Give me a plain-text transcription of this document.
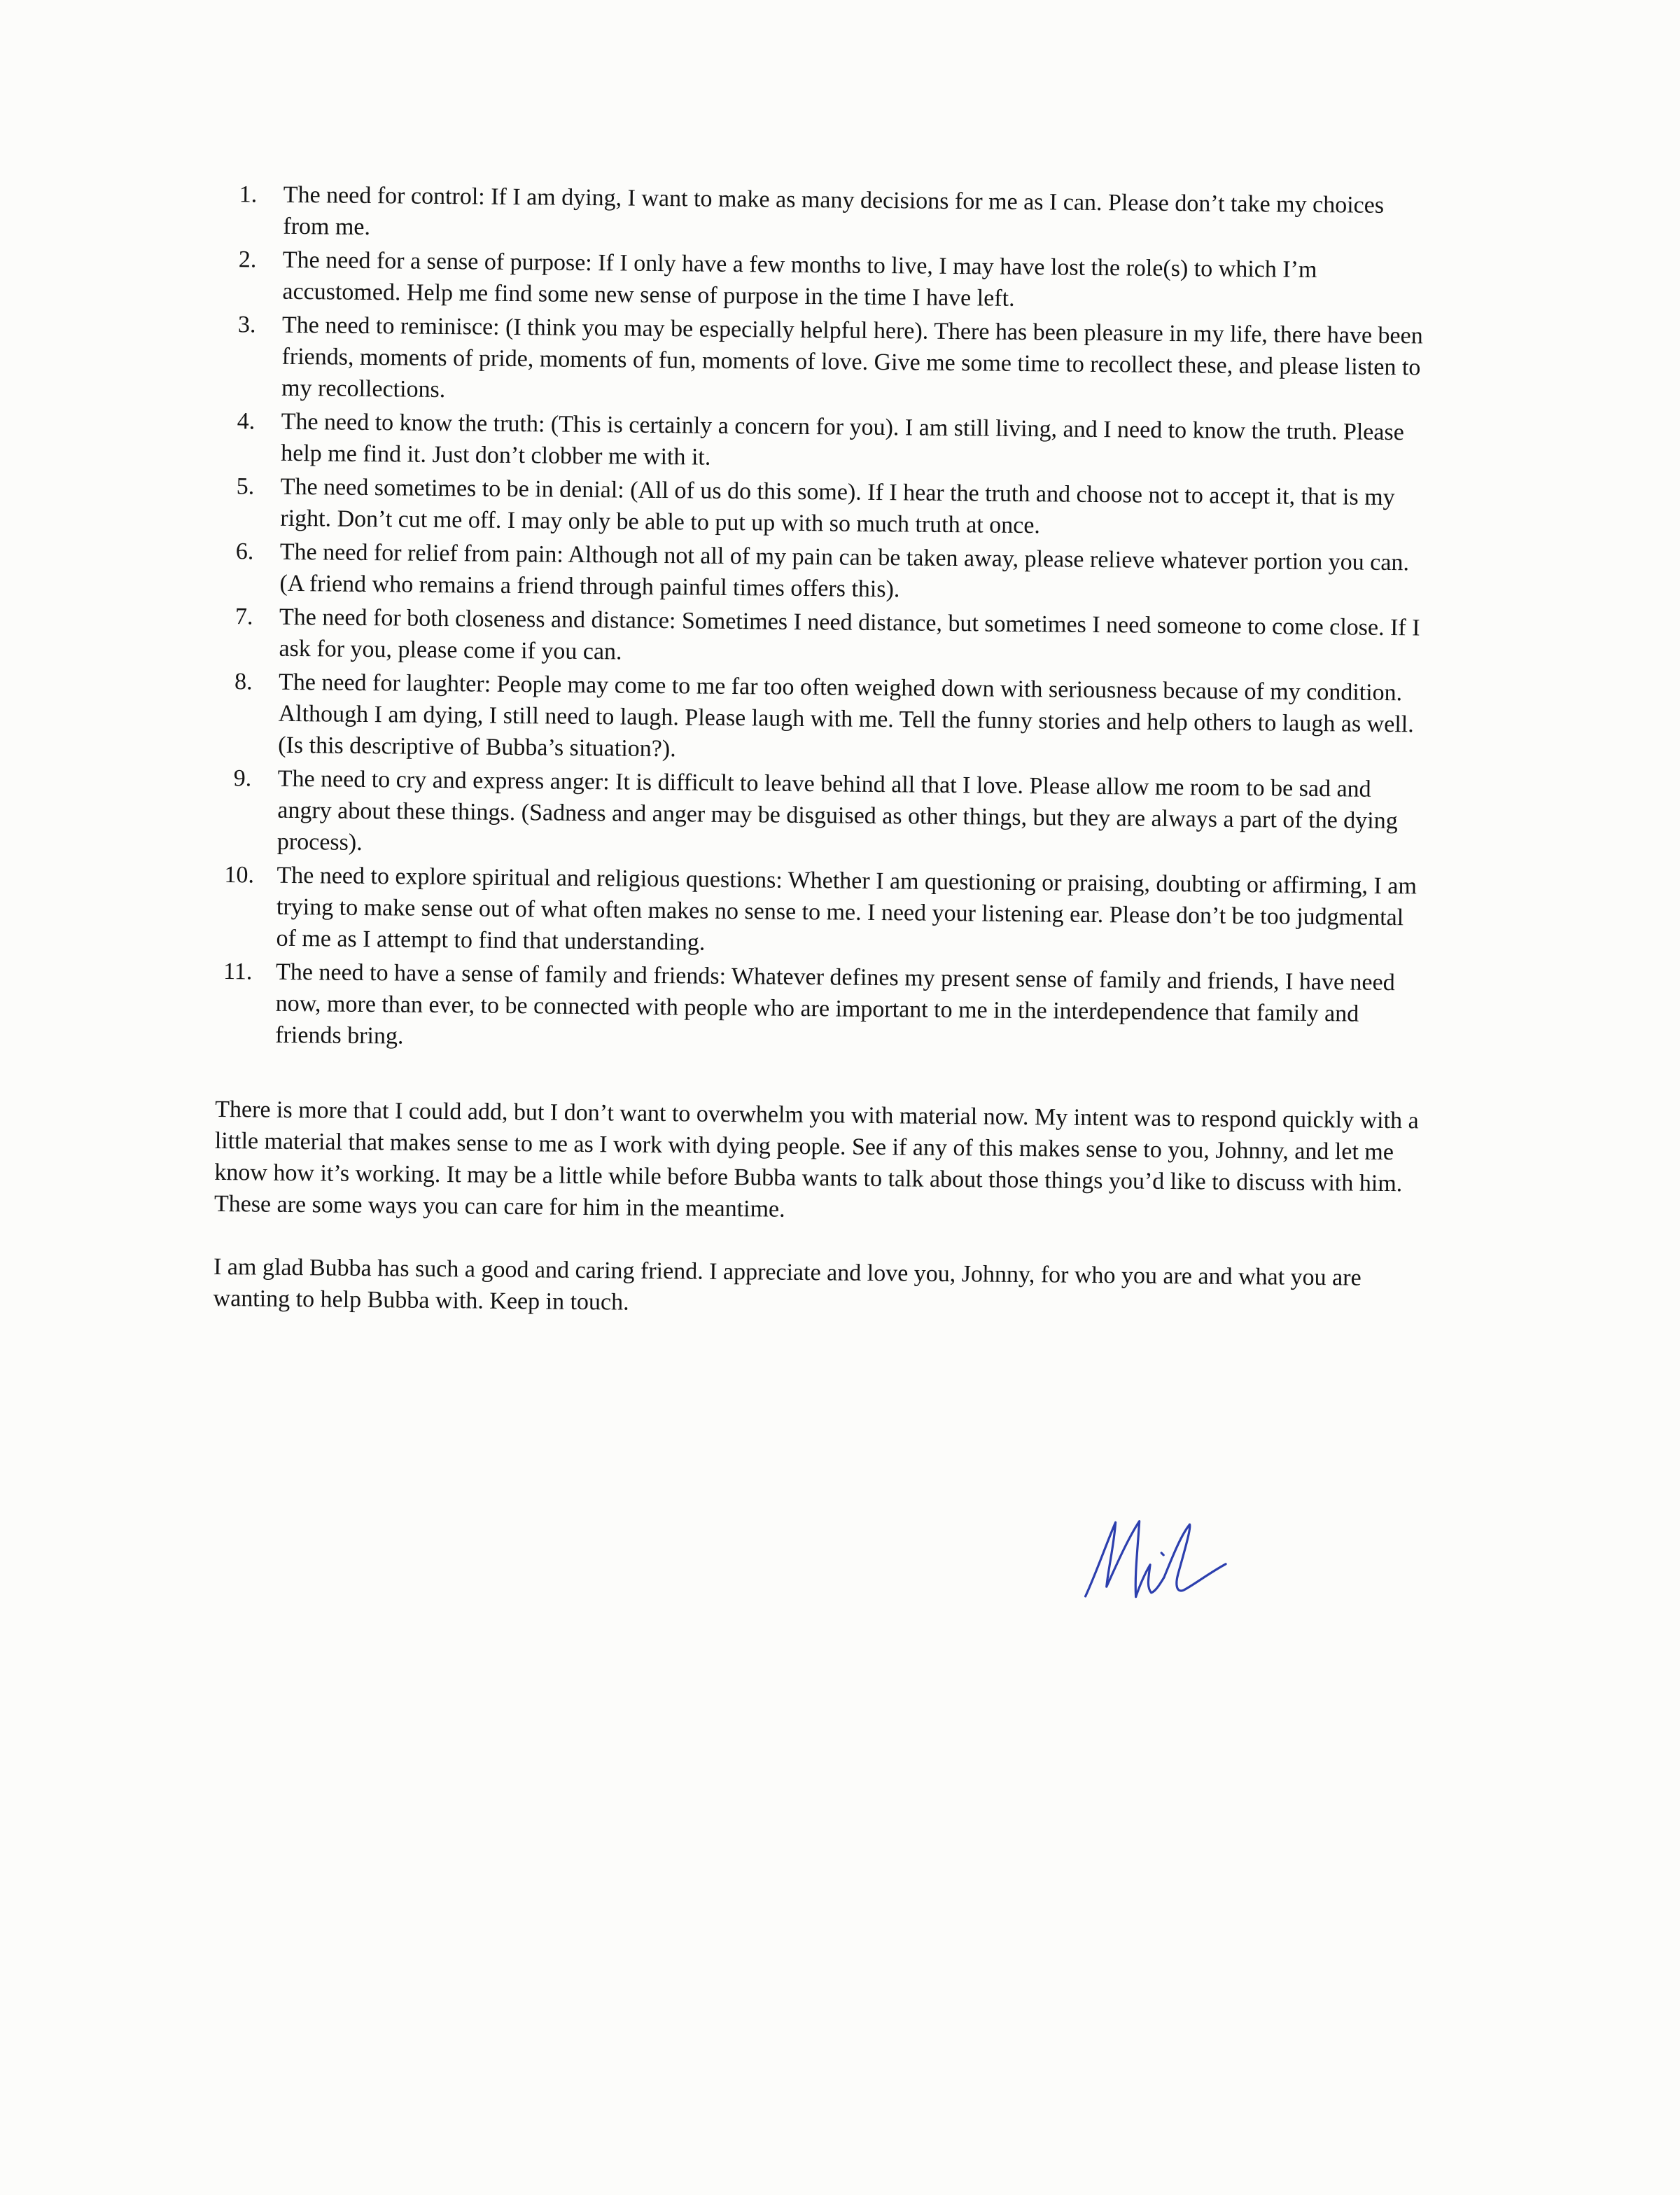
1. The need for control: If I am dying, I want to make as many decisions for me as I can. Please don’t take my choices from me.
2. The need for a sense of purpose: If I only have a few months to live, I may have lost the role(s) to which I’m accustomed. Help me find some new sense of purpose in the time I have left.
3. The need to reminisce: (I think you may be especially helpful here). There has been pleasure in my life, there have been friends, moments of pride, moments of fun, moments of love. Give me some time to recollect these, and please listen to my recollections.
4. The need to know the truth: (This is certainly a concern for you). I am still living, and I need to know the truth. Please help me find it. Just don’t clobber me with it.
5. The need sometimes to be in denial: (All of us do this some). If I hear the truth and choose not to accept it, that is my right. Don’t cut me off. I may only be able to put up with so much truth at once.
6. The need for relief from pain: Although not all of my pain can be taken away, please relieve whatever portion you can. (A friend who remains a friend through painful times offers this).
7. The need for both closeness and distance: Sometimes I need distance, but sometimes I need someone to come close. If I ask for you, please come if you can.
8. The need for laughter: People may come to me far too often weighed down with seriousness because of my condition. Although I am dying, I still need to laugh. Please laugh with me. Tell the funny stories and help others to laugh as well. (Is this descriptive of Bubba’s situation?).
9. The need to cry and express anger: It is difficult to leave behind all that I love. Please allow me room to be sad and angry about these things. (Sadness and anger may be disguised as other things, but they are always a part of the dying process).
10. The need to explore spiritual and religious questions: Whether I am questioning or praising, doubting or affirming, I am trying to make sense out of what often makes no sense to me. I need your listening ear. Please don’t be too judgmental of me as I attempt to find that understanding.
11. The need to have a sense of family and friends: Whatever defines my present sense of family and friends, I have need now, more than ever, to be connected with people who are important to me in the interdependence that family and friends bring.

There is more that I could add, but I don’t want to overwhelm you with material now. My intent was to respond quickly with a little material that makes sense to me as I work with dying people. See if any of this makes sense to you, Johnny, and let me know how it’s working. It may be a little while before Bubba wants to talk about those things you’d like to discuss with him. These are some ways you can care for him in the meantime.

I am glad Bubba has such a good and caring friend. I appreciate and love you, Johnny, for who you are and what you are wanting to help Bubba with. Keep in touch.
